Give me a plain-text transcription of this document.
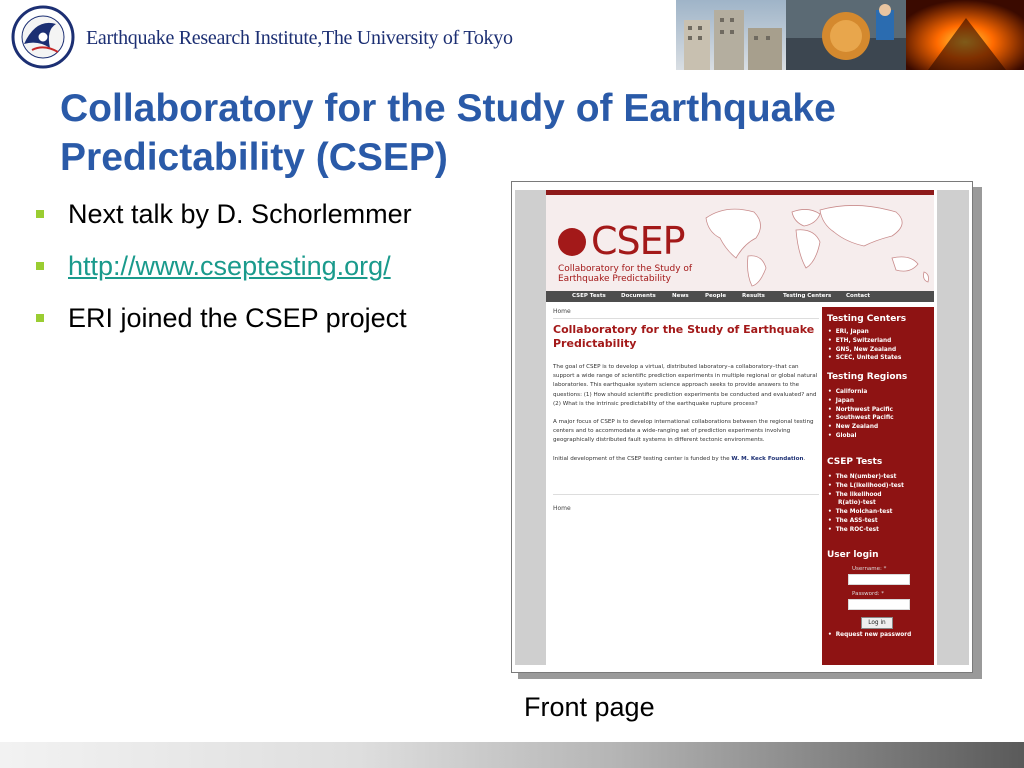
Earthquake Research Institute,The University of Tokyo
Collaboratory for the Study of Earthquake
Predictability (CSEP)
Next talk by D. Schorlemmer
http://www.cseptesting.org/
ERI joined the CSEP project
CSEP
Collaboratory for the Study of
Earthquake Predictability
CSEP Tests	Documents	News	People	Results	Testing Centers	Contact
Home
Collaboratory for the Study of Earthquake
Predictability
The goal of CSEP is to develop a virtual, distributed laboratory–a collaboratory–that can support a wide range of scientific prediction experiments in multiple regional or global natural laboratories. This earthquake system science approach seeks to provide answers to the questions: (1) How should scientific prediction experiments be conducted and evaluated? and (2) What is the intrinsic predictability of the earthquake rupture process?
A major focus of CSEP is to develop international collaborations between the regional testing centers and to accommodate a wide-ranging set of prediction experiments involving geographically distributed fault systems in different tectonic environments.
Initial development of the CSEP testing center is funded by the W. M. Keck Foundation.
Home
Testing Centers
• ERI, Japan
• ETH, Switzerland
• GNS, New Zealand
• SCEC, United States
Testing Regions
• California
• Japan
• Northwest Pacific
• Southwest Pacific
• New Zealand
• Global
CSEP Tests
• The N(umber)-test
• The L(ikelihood)-test
• The likelihood
R(atio)-test
• The Molchan-test
• The ASS-test
• The ROC-test
User login
Username: *
Password: *
Log in
• Request new password
Front page
